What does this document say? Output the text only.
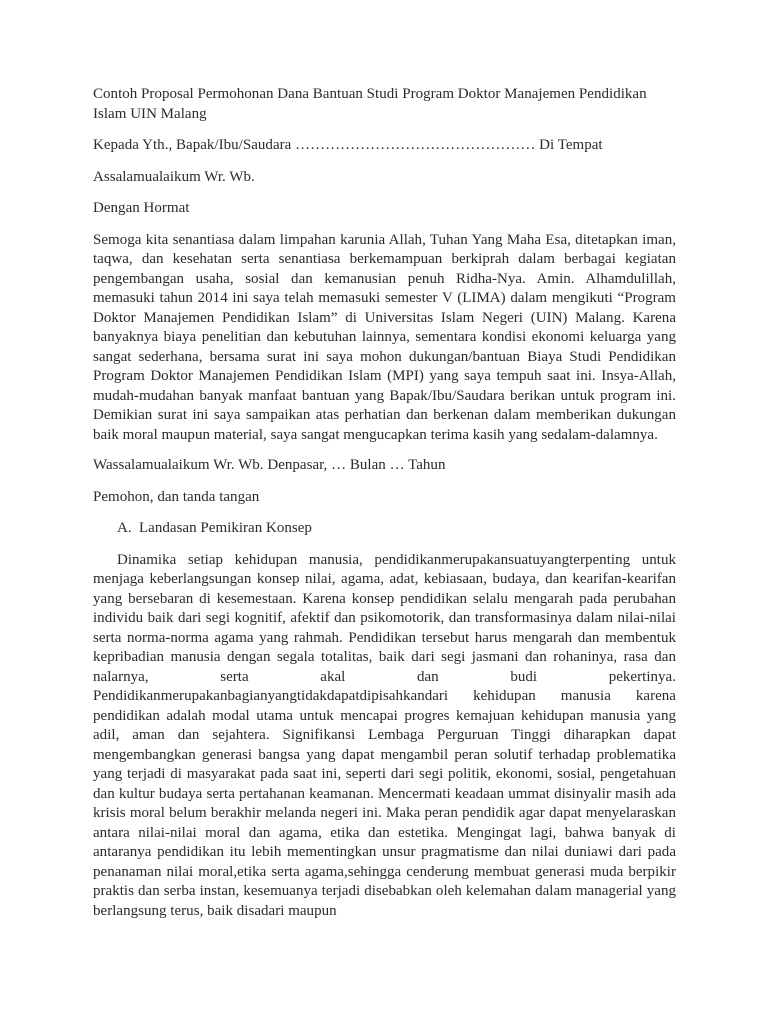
Contoh Proposal Permohonan Dana Bantuan Studi Program Doktor Manajemen Pendidikan Islam UIN Malang

Kepada Yth., Bapak/Ibu/Saudara ………………………………………… Di Tempat

Assalamualaikum Wr. Wb.

Dengan Hormat

Semoga kita senantiasa dalam limpahan karunia Allah, Tuhan Yang Maha Esa, ditetapkan iman, taqwa, dan kesehatan serta senantiasa berkemampuan berkiprah dalam berbagai kegiatan pengembangan usaha, sosial dan kemanusian penuh Ridha-Nya. Amin. Alhamdulillah, memasuki tahun 2014 ini saya telah memasuki semester V (LIMA) dalam mengikuti “Program Doktor Manajemen Pendidikan Islam” di Universitas Islam Negeri (UIN) Malang. Karena banyaknya biaya penelitian dan kebutuhan lainnya, sementara kondisi ekonomi keluarga yang sangat sederhana, bersama surat ini saya mohon dukungan/bantuan Biaya Studi Pendidikan Program Doktor Manajemen Pendidikan Islam (MPI) yang saya tempuh saat ini. Insya-Allah, mudah-mudahan banyak manfaat bantuan yang Bapak/Ibu/Saudara berikan untuk program ini. Demikian surat ini saya sampaikan atas perhatian dan berkenan dalam memberikan dukungan baik moral maupun material, saya sangat mengucapkan terima kasih yang sedalam-dalamnya.

Wassalamualaikum Wr. Wb. Denpasar, … Bulan … Tahun

Pemohon, dan tanda tangan

A. Landasan Pemikiran Konsep

Dinamika setiap kehidupan manusia, pendidikanmerupakansuatuyangterpenting untuk menjaga keberlangsungan konsep nilai, agama, adat, kebiasaan, budaya, dan kearifan-kearifan yang bersebaran di kesemestaan. Karena konsep pendidikan selalu mengarah pada perubahan individu baik dari segi kognitif, afektif dan psikomotorik, dan transformasinya dalam nilai-nilai serta norma-norma agama yang rahmah. Pendidikan tersebut harus mengarah dan membentuk kepribadian manusia dengan segala totalitas, baik dari segi jasmani dan rohaninya, rasa dan nalarnya, serta akal dan budi pekertinya. Pendidikanmerupakanbagianyangtidakdapatdipisahkandari kehidupan manusia karena pendidikan adalah modal utama untuk mencapai progres kemajuan kehidupan manusia yang adil, aman dan sejahtera. Signifikansi Lembaga Perguruan Tinggi diharapkan dapat mengembangkan generasi bangsa yang dapat mengambil peran solutif terhadap problematika yang terjadi di masyarakat pada saat ini, seperti dari segi politik, ekonomi, sosial, pengetahuan dan kultur budaya serta pertahanan keamanan. Mencermati keadaan ummat disinyalir masih ada krisis moral belum berakhir melanda negeri ini. Maka peran pendidik agar dapat menyelaraskan antara nilai-nilai moral dan agama, etika dan estetika. Mengingat lagi, bahwa banyak di antaranya pendidikan itu lebih mementingkan unsur pragmatisme dan nilai duniawi dari pada penanaman nilai moral,etika serta agama,sehingga cenderung membuat generasi muda berpikir praktis dan serba instan, kesemuanya terjadi disebabkan oleh kelemahan dalam managerial yang berlangsung terus, baik disadari maupun
